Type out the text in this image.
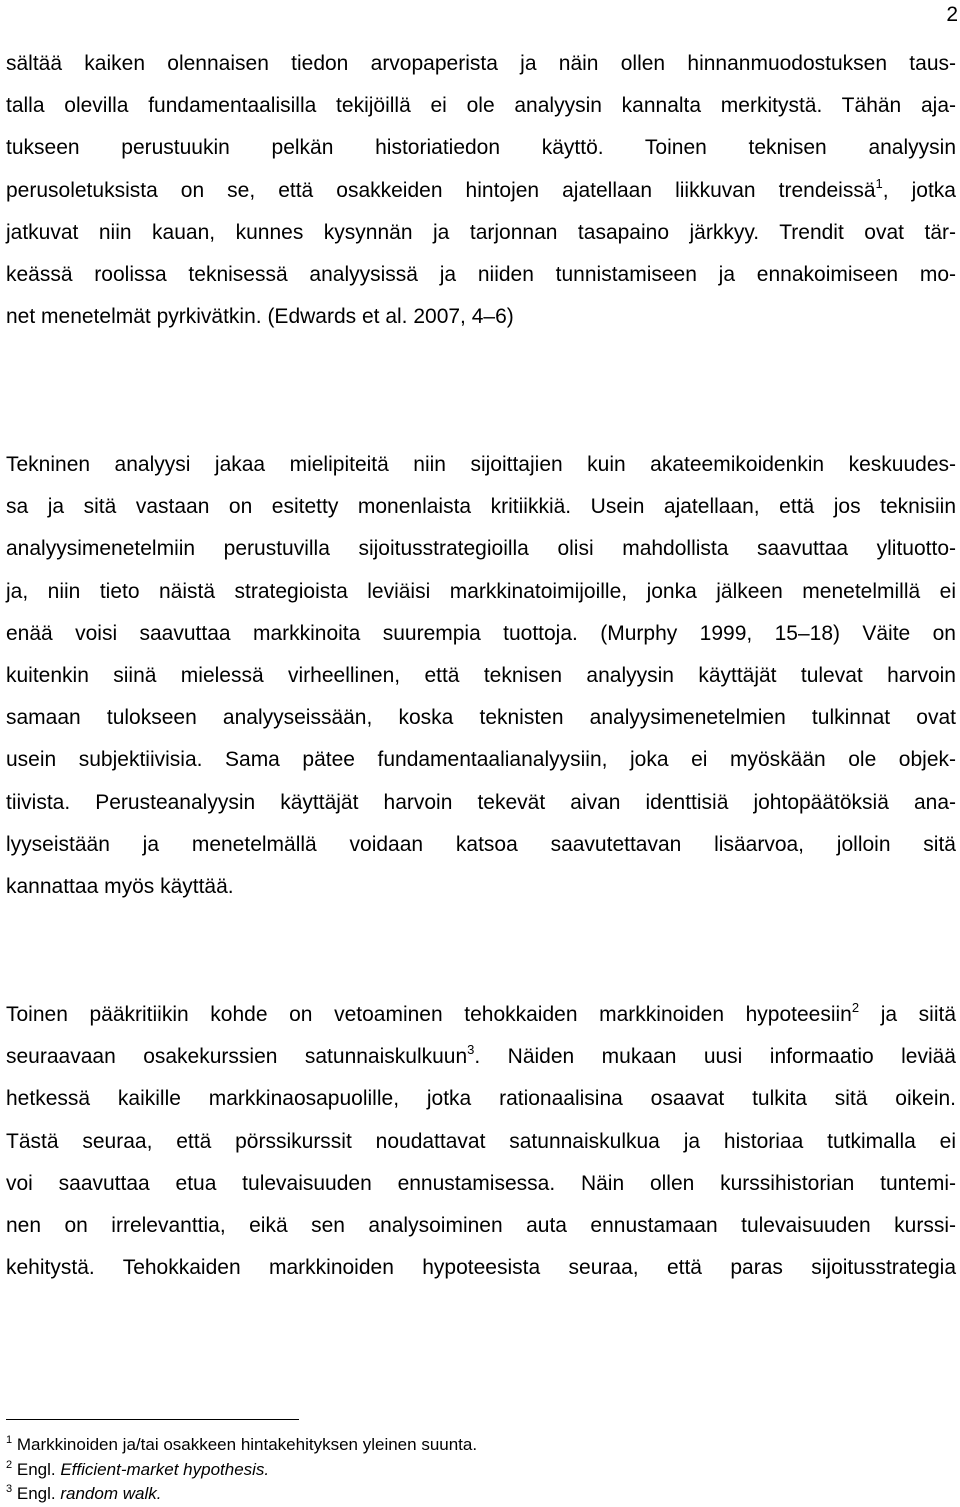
2
sältää kaiken olennaisen tiedon arvopaperista ja näin ollen hinnanmuodostuksen taus-
talla olevilla fundamentaalisilla tekijöillä ei ole analyysin kannalta merkitystä. Tähän aja-
tukseen perustuukin pelkän historiatiedon käyttö. Toinen teknisen analyysin
perusoletuksista on se, että osakkeiden hintojen ajatellaan liikkuvan trendeissä$^1$, jotka
jatkuvat niin kauan, kunnes kysynnän ja tarjonnan tasapaino järkkyy. Trendit ovat tär-
keässä roolissa teknisessä analyysissä ja niiden tunnistamiseen ja ennakoimiseen mo-
net menetelmät pyrkivätkin. (Edwards et al. 2007, 4–6)
Tekninen analyysi jakaa mielipiteitä niin sijoittajien kuin akateemikoidenkin keskuudes-
sa ja sitä vastaan on esitetty monenlaista kritiikkiä. Usein ajatellaan, että jos teknisiin
analyysimenetelmiin perustuvilla sijoitusstrategioilla olisi mahdollista saavuttaa ylituotto-
ja, niin tieto näistä strategioista leviäisi markkinatoimijoille, jonka jälkeen menetelmillä ei
enää voisi saavuttaa markkinoita suurempia tuottoja. (Murphy 1999, 15–18) Väite on
kuitenkin siinä mielessä virheellinen, että teknisen analyysin käyttäjät tulevat harvoin
samaan tulokseen analyyseissään, koska teknisten analyysimenetelmien tulkinnat ovat
usein subjektiivisia. Sama pätee fundamentaalianalyysiin, joka ei myöskään ole objek-
tiivista. Perusteanalyysin käyttäjät harvoin tekevät aivan identtisiä johtopäätöksiä ana-
lyyseistään ja menetelmällä voidaan katsoa saavutettavan lisäarvoa, jolloin sitä
kannattaa myös käyttää.
Toinen pääkritiikin kohde on vetoaminen tehokkaiden markkinoiden hypoteesiin$^2$ ja siitä
seuraavaan osakekurssien satunnaiskulkuun$^3$. Näiden mukaan uusi informaatio leviää
hetkessä kaikille markkinaosapuolille, jotka rationaalisina osaavat tulkita sitä oikein.
Tästä seuraa, että pörssikurssit noudattavat satunnaiskulkua ja historiaa tutkimalla ei
voi saavuttaa etua tulevaisuuden ennustamisessa. Näin ollen kurssihistorian tuntemi-
nen on irrelevanttia, eikä sen analysoiminen auta ennustamaan tulevaisuuden kurssi-
kehitystä. Tehokkaiden markkinoiden hypoteesista seuraa, että paras sijoitusstrategia
$^1$ Markkinoiden ja/tai osakkeen hintakehityksen yleinen suunta.
$^2$ Engl. Efficient-market hypothesis.
$^3$ Engl. random walk.
